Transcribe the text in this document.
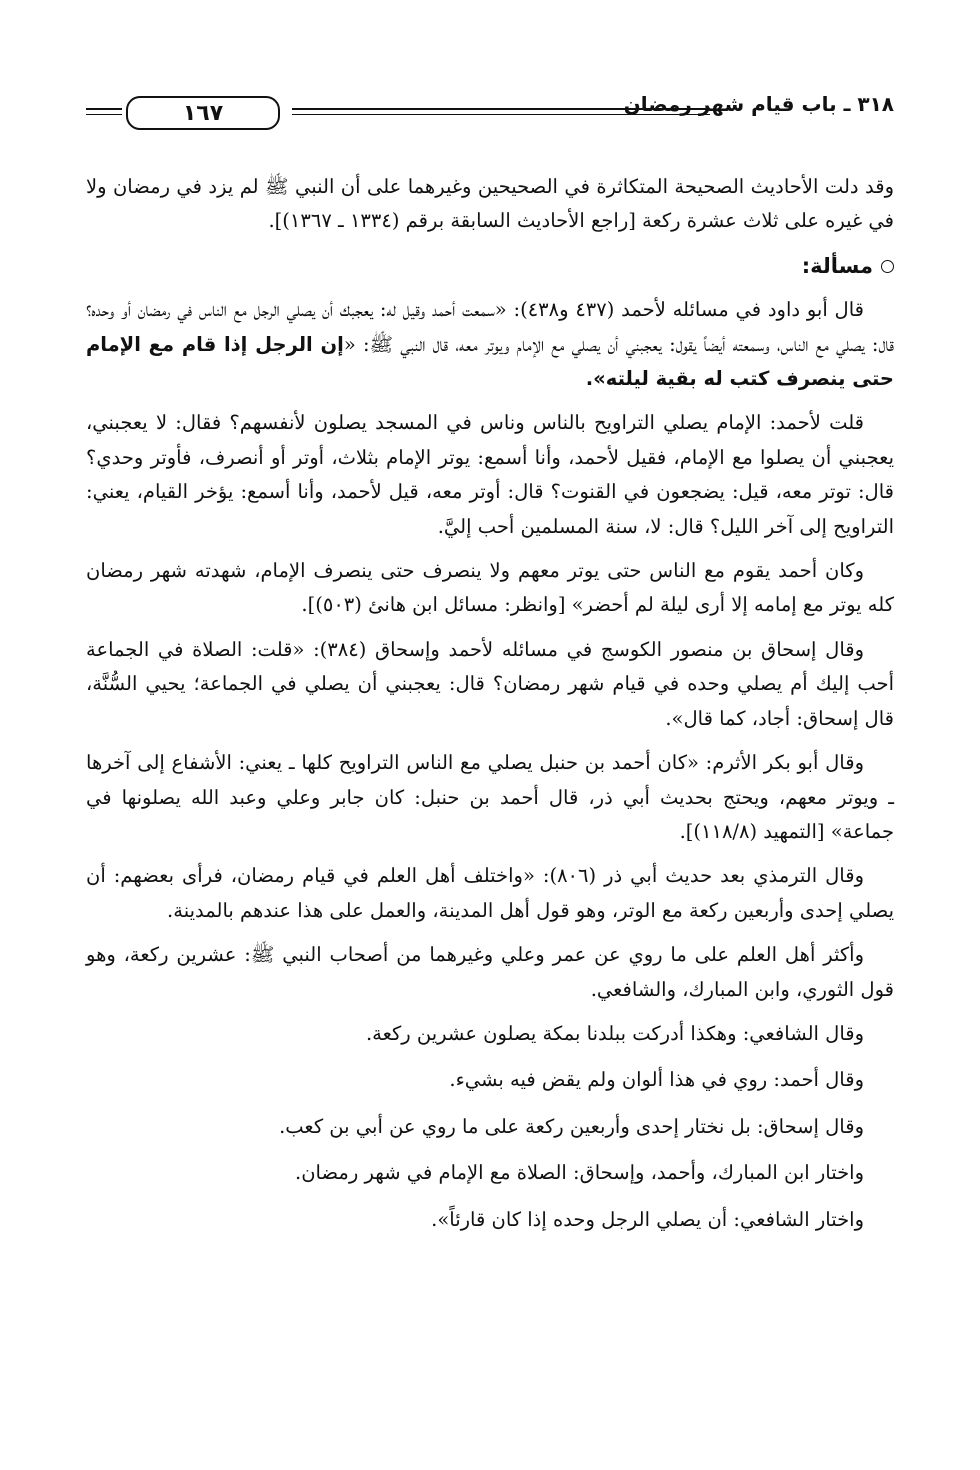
٣١٨ ـ باب قيام شهر رمضان
١٦٧

وقد دلت الأحاديث الصحيحة المتكاثرة في الصحيحين وغيرهما على أن النبي ﷺ لم يزد في رمضان ولا في غيره على ثلاث عشرة ركعة [راجع الأحاديث السابقة برقم (١٣٣٤ ـ ١٣٦٧)].

مسألة:

قال أبو داود في مسائله لأحمد (٤٣٧ و٤٣٨): «سمعت أحمد وقيل له: يعجبك أن يصلي الرجل مع الناس في رمضان أو وحده؟ قال: يصلي مع الناس، وسمعته أيضاً يقول: يعجبني أن يصلي مع الإمام ويوتر معه، قال النبي ﷺ: «إن الرجل إذا قام مع الإمام حتى ينصرف كتب له بقية ليلته».

قلت لأحمد: الإمام يصلي التراويح بالناس وناس في المسجد يصلون لأنفسهم؟ فقال: لا يعجبني، يعجبني أن يصلوا مع الإمام، فقيل لأحمد، وأنا أسمع: يوتر الإمام بثلاث، أوتر أو أنصرف، فأوتر وحدي؟ قال: توتر معه، قيل: يضجعون في القنوت؟ قال: أوتر معه، قيل لأحمد، وأنا أسمع: يؤخر القيام، يعني: التراويح إلى آخر الليل؟ قال: لا، سنة المسلمين أحب إليَّ.

وكان أحمد يقوم مع الناس حتى يوتر معهم ولا ينصرف حتى ينصرف الإمام، شهدته شهر رمضان كله يوتر مع إمامه إلا أرى ليلة لم أحضر» [وانظر: مسائل ابن هانئ (٥٠٣)].

وقال إسحاق بن منصور الكوسج في مسائله لأحمد وإسحاق (٣٨٤): «قلت: الصلاة في الجماعة أحب إليك أم يصلي وحده في قيام شهر رمضان؟ قال: يعجبني أن يصلي في الجماعة؛ يحيي السُّنَّة، قال إسحاق: أجاد، كما قال».

وقال أبو بكر الأثرم: «كان أحمد بن حنبل يصلي مع الناس التراويح كلها ـ يعني: الأشفاع إلى آخرها ـ ويوتر معهم، ويحتج بحديث أبي ذر، قال أحمد بن حنبل: كان جابر وعلي وعبد الله يصلونها في جماعة» [التمهيد (١١٨/٨)].

وقال الترمذي بعد حديث أبي ذر (٨٠٦): «واختلف أهل العلم في قيام رمضان، فرأى بعضهم: أن يصلي إحدى وأربعين ركعة مع الوتر، وهو قول أهل المدينة، والعمل على هذا عندهم بالمدينة.

وأكثر أهل العلم على ما روي عن عمر وعلي وغيرهما من أصحاب النبي ﷺ: عشرين ركعة، وهو قول الثوري، وابن المبارك، والشافعي.

وقال الشافعي: وهكذا أدركت ببلدنا بمكة يصلون عشرين ركعة.

وقال أحمد: روي في هذا ألوان ولم يقض فيه بشيء.

وقال إسحاق: بل نختار إحدى وأربعين ركعة على ما روي عن أبي بن كعب.

واختار ابن المبارك، وأحمد، وإسحاق: الصلاة مع الإمام في شهر رمضان.

واختار الشافعي: أن يصلي الرجل وحده إذا كان قارئاً».
